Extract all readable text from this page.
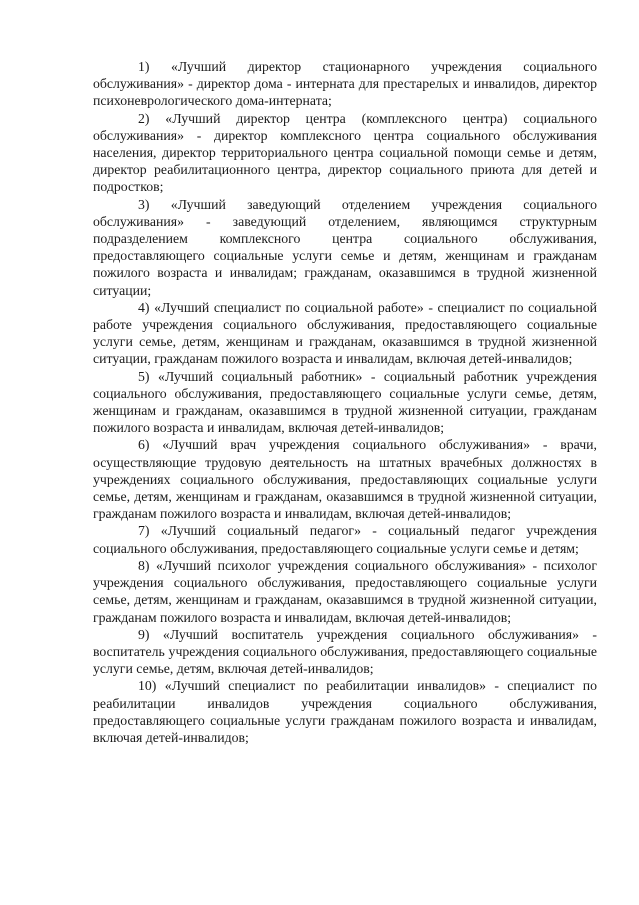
1) «Лучший директор стационарного учреждения социального обслуживания» - директор дома - интерната для престарелых и инвалидов, директор психоневрологического дома-интерната;

2) «Лучший директор центра (комплексного центра) социального обслуживания» - директор комплексного центра социального обслуживания населения, директор территориального центра социальной помощи семье и детям, директор реабилитационного центра, директор социального приюта для детей и подростков;

3) «Лучший заведующий отделением учреждения социального обслуживания» - заведующий отделением, являющимся структурным подразделением комплексного центра социального обслуживания, предоставляющего социальные услуги семье и детям, женщинам и гражданам пожилого возраста и инвалидам; гражданам, оказавшимся в трудной жизненной ситуации;

4) «Лучший специалист по социальной работе» - специалист по социальной работе учреждения социального обслуживания, предоставляющего социальные услуги семье, детям, женщинам и гражданам, оказавшимся в трудной жизненной ситуации, гражданам пожилого возраста и инвалидам, включая детей-инвалидов;

5) «Лучший социальный работник» - социальный работник учреждения социального обслуживания, предоставляющего социальные услуги семье, детям, женщинам и гражданам, оказавшимся в трудной жизненной ситуации, гражданам пожилого возраста и инвалидам, включая детей-инвалидов;

6) «Лучший врач учреждения социального обслуживания» - врачи, осуществляющие трудовую деятельность на штатных врачебных должностях в учреждениях социального обслуживания, предоставляющих социальные услуги семье, детям, женщинам и гражданам, оказавшимся в трудной жизненной ситуации, гражданам пожилого возраста и инвалидам, включая детей-инвалидов;

7) «Лучший социальный педагог» - социальный педагог учреждения социального обслуживания, предоставляющего социальные услуги семье и детям;

8) «Лучший психолог учреждения социального обслуживания» - психолог учреждения социального обслуживания, предоставляющего социальные услуги семье, детям, женщинам и гражданам, оказавшимся в трудной жизненной ситуации, гражданам пожилого возраста и инвалидам, включая детей-инвалидов;

9) «Лучший воспитатель учреждения социального обслуживания» - воспитатель учреждения социального обслуживания, предоставляющего социальные услуги семье, детям, включая детей-инвалидов;

10) «Лучший специалист по реабилитации инвалидов» - специалист по реабилитации инвалидов учреждения социального обслуживания, предоставляющего социальные услуги гражданам пожилого возраста и инвалидам, включая детей-инвалидов;
